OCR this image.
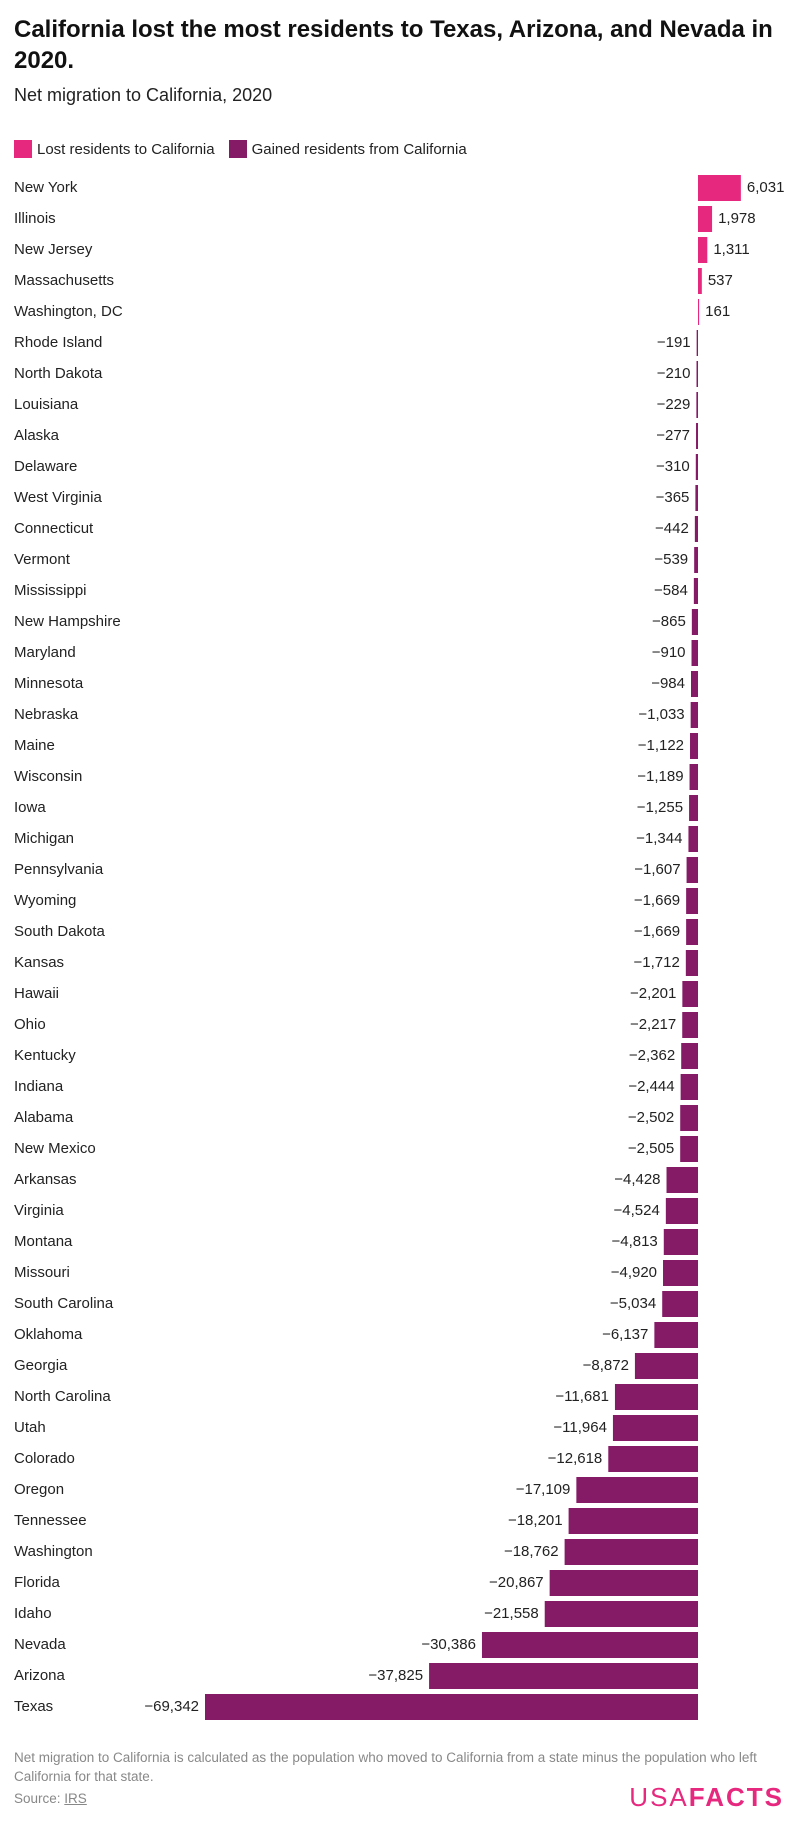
California lost the most residents to Texas, Arizona, and Nevada in 2020.

Net migration to California, 2020

Lost residents to California Gained residents from California
New York	6,031
Illinois	1,978
New Jersey	1,311
Massachusetts	537
Washington, DC	161
Rhode Island	−191
North Dakota	−210
Louisiana	−229
Alaska	−277
Delaware	−310
West Virginia	−365
Connecticut	−442
Vermont	−539
Mississippi	−584
New Hampshire	−865
Maryland	−910
Minnesota	−984
Nebraska	−1,033
Maine	−1,122
Wisconsin	−1,189
Iowa	−1,255
Michigan	−1,344
Pennsylvania	−1,607
Wyoming	−1,669
South Dakota	−1,669
Kansas	−1,712
Hawaii	−2,201
Ohio	−2,217
Kentucky	−2,362
Indiana	−2,444
Alabama	−2,502
New Mexico	−2,505
Arkansas	−4,428
Virginia	−4,524
Montana	−4,813
Missouri	−4,920
South Carolina	−5,034
Oklahoma	−6,137
Georgia	−8,872
North Carolina	−11,681
Utah	−11,964
Colorado	−12,618
Oregon	−17,109
Tennessee	−18,201
Washington	−18,762
Florida	−20,867
Idaho	−21,558
Nevada	−30,386
Arizona	−37,825
Texas	−69,342

Net migration to California is calculated as the population who moved to California from a state minus the population who left California for that state.

Source: IRS	USAFACTS
